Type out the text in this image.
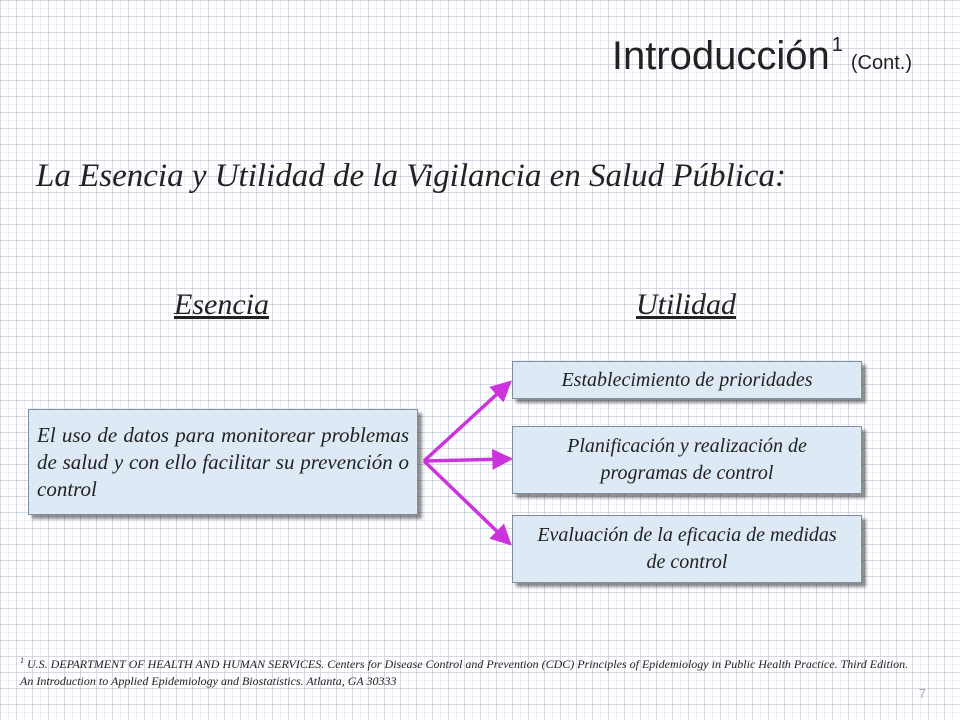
Introducción $^1$(Cont.)
La Esencia y Utilidad de la Vigilancia en Salud Pública:
Esencia	Utilidad
El uso de datos para monitorear problemas de salud y con ello facilitar su prevención o control
Establecimiento de prioridades
Planificación y realización de programas de control
Evaluación de la eficacia de medidas de control
$^1$ U.S. DEPARTMENT OF HEALTH AND HUMAN SERVICES. Centers for Disease Control and Prevention (CDC) Principles of Epidemiology in Public Health Practice. Third Edition. An Introduction to Applied Epidemiology and Biostatistics. Atlanta, GA 30333
7
